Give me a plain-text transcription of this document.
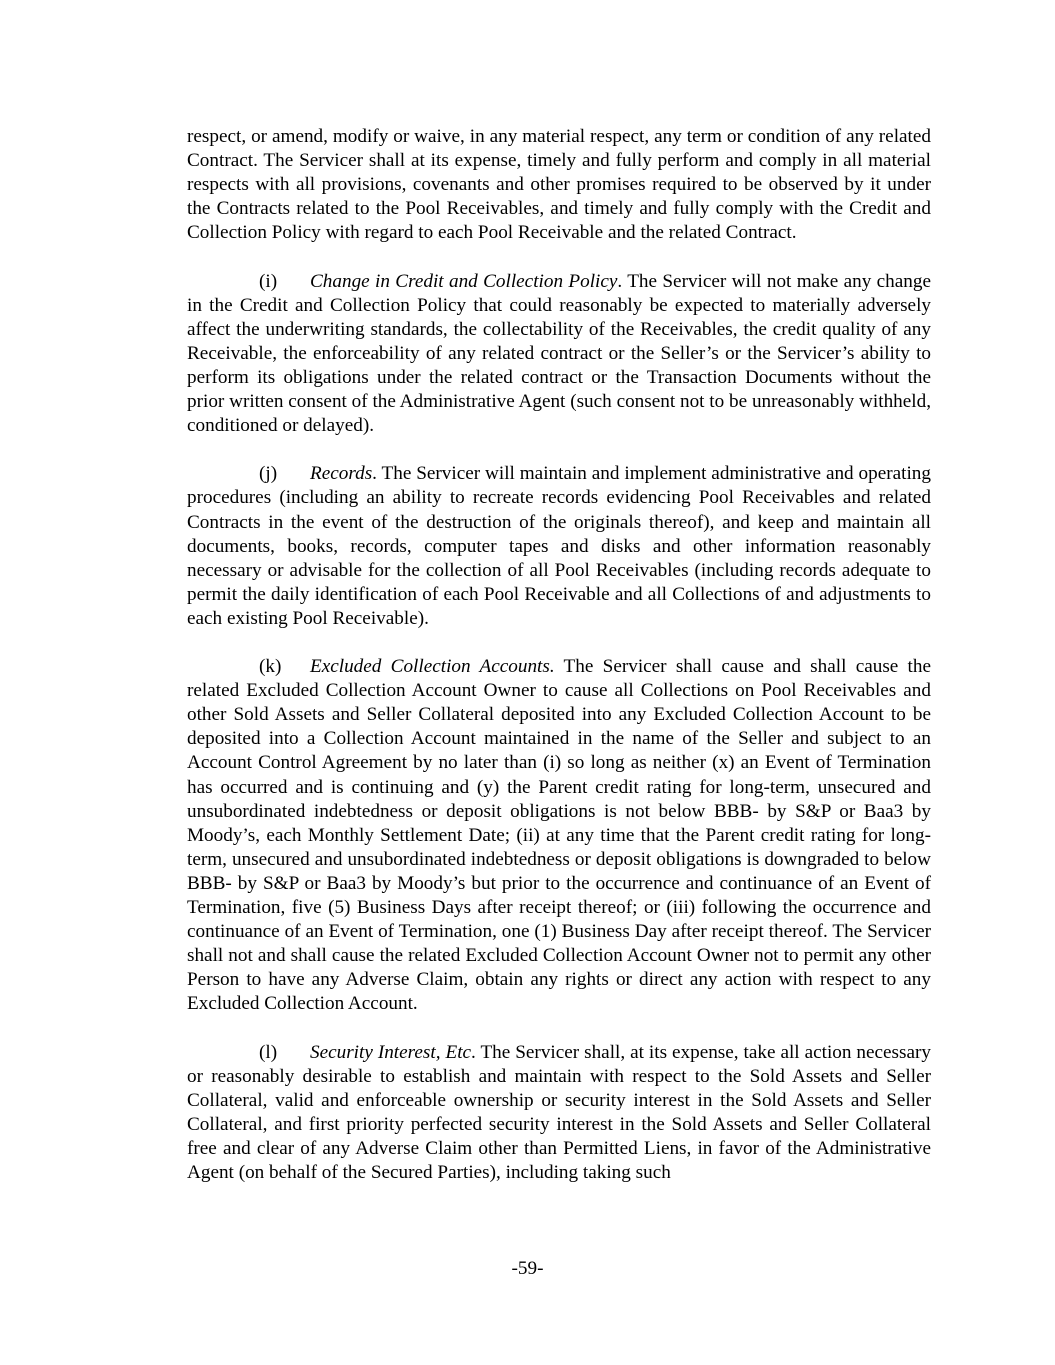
respect, or amend, modify or waive, in any material respect, any term or condition of any related Contract. The Servicer shall at its expense, timely and fully perform and comply in all material respects with all provisions, covenants and other promises required to be observed by it under the Contracts related to the Pool Receivables, and timely and fully comply with the Credit and Collection Policy with regard to each Pool Receivable and the related Contract.

(i) Change in Credit and Collection Policy. The Servicer will not make any change in the Credit and Collection Policy that could reasonably be expected to materially adversely affect the underwriting standards, the collectability of the Receivables, the credit quality of any Receivable, the enforceability of any related contract or the Seller’s or the Servicer’s ability to perform its obligations under the related contract or the Transaction Documents without the prior written consent of the Administrative Agent (such consent not to be unreasonably withheld, conditioned or delayed).

(j) Records. The Servicer will maintain and implement administrative and operating procedures (including an ability to recreate records evidencing Pool Receivables and related Contracts in the event of the destruction of the originals thereof), and keep and maintain all documents, books, records, computer tapes and disks and other information reasonably necessary or advisable for the collection of all Pool Receivables (including records adequate to permit the daily identification of each Pool Receivable and all Collections of and adjustments to each existing Pool Receivable).

(k) Excluded Collection Accounts. The Servicer shall cause and shall cause the related Excluded Collection Account Owner to cause all Collections on Pool Receivables and other Sold Assets and Seller Collateral deposited into any Excluded Collection Account to be deposited into a Collection Account maintained in the name of the Seller and subject to an Account Control Agreement by no later than (i) so long as neither (x) an Event of Termination has occurred and is continuing and (y) the Parent credit rating for long-term, unsecured and unsubordinated indebtedness or deposit obligations is not below BBB- by S&P or Baa3 by Moody’s, each Monthly Settlement Date; (ii) at any time that the Parent credit rating for long-term, unsecured and unsubordinated indebtedness or deposit obligations is downgraded to below BBB- by S&P or Baa3 by Moody’s but prior to the occurrence and continuance of an Event of Termination, five (5) Business Days after receipt thereof; or (iii) following the occurrence and continuance of an Event of Termination, one (1) Business Day after receipt thereof. The Servicer shall not and shall cause the related Excluded Collection Account Owner not to permit any other Person to have any Adverse Claim, obtain any rights or direct any action with respect to any Excluded Collection Account.

(l) Security Interest, Etc. The Servicer shall, at its expense, take all action necessary or reasonably desirable to establish and maintain with respect to the Sold Assets and Seller Collateral, valid and enforceable ownership or security interest in the Sold Assets and Seller Collateral, and first priority perfected security interest in the Sold Assets and Seller Collateral free and clear of any Adverse Claim other than Permitted Liens, in favor of the Administrative Agent (on behalf of the Secured Parties), including taking such

-59-
